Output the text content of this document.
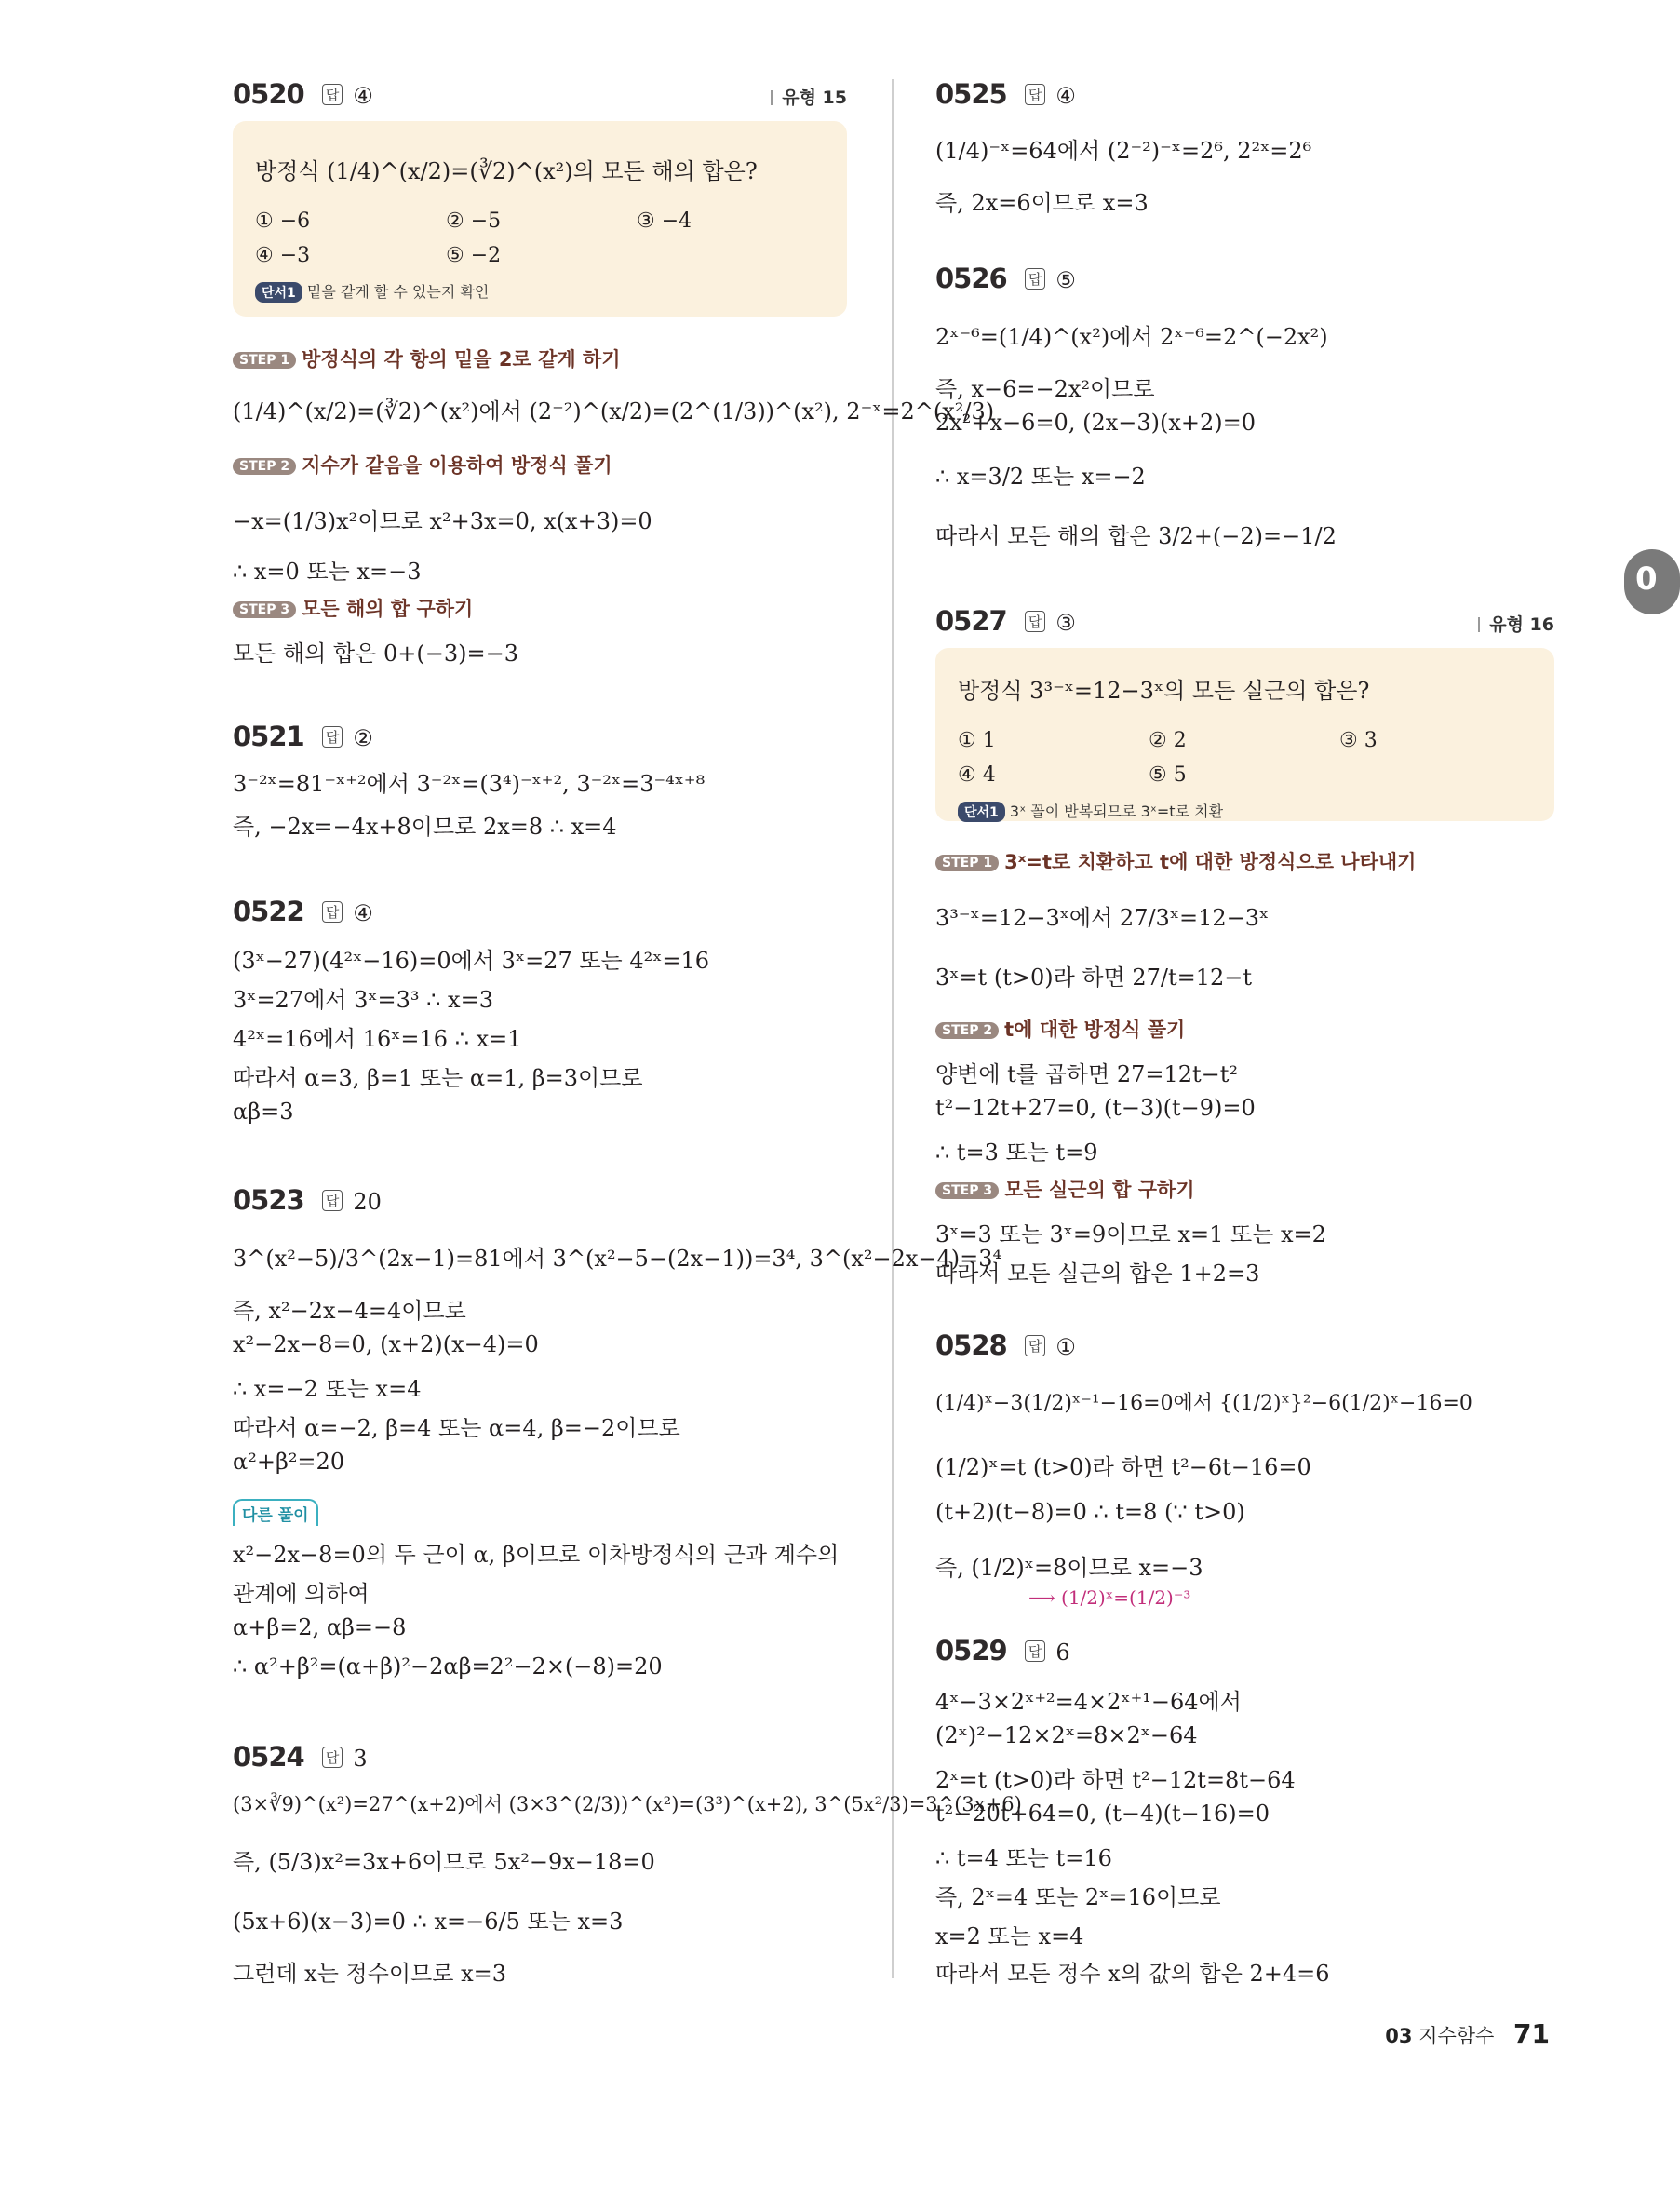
0520 답 ④	유형 15
방정식 (1/4)^(x/2)=(∛2)^(x²)의 모든 해의 합은?
① −6	② −5	③ −4
④ −3	⑤ −2
단서1 밑을 같게 할 수 있는지 확인
STEP 1 방정식의 각 항의 밑을 2로 같게 하기
(1/4)^(x/2)=(∛2)^(x²)에서 (2⁻²)^(x/2)=(2^(1/3))^(x²), 2⁻ˣ=2^(x²/3)
STEP 2 지수가 같음을 이용하여 방정식 풀기
−x=(1/3)x²이므로 x²+3x=0, x(x+3)=0
∴ x=0 또는 x=−3
STEP 3 모든 해의 합 구하기
모든 해의 합은 0+(−3)=−3
0521 답 ②
3⁻²ˣ=81⁻ˣ⁺²에서 3⁻²ˣ=(3⁴)⁻ˣ⁺², 3⁻²ˣ=3⁻⁴ˣ⁺⁸
즉, −2x=−4x+8이므로 2x=8 ∴ x=4
0522 답 ④
(3ˣ−27)(4²ˣ−16)=0에서 3ˣ=27 또는 4²ˣ=16
3ˣ=27에서 3ˣ=3³ ∴ x=3
4²ˣ=16에서 16ˣ=16 ∴ x=1
따라서 α=3, β=1 또는 α=1, β=3이므로
αβ=3
0523 답 20
3^(x²−5)/3^(2x−1)=81에서 3^(x²−5−(2x−1))=3⁴, 3^(x²−2x−4)=3⁴
즉, x²−2x−4=4이므로
x²−2x−8=0, (x+2)(x−4)=0
∴ x=−2 또는 x=4
따라서 α=−2, β=4 또는 α=4, β=−2이므로
α²+β²=20
다른 풀이
x²−2x−8=0의 두 근이 α, β이므로 이차방정식의 근과 계수의
관계에 의하여
α+β=2, αβ=−8
∴ α²+β²=(α+β)²−2αβ=2²−2×(−8)=20
0524 답 3
(3×∛9)^(x²)=27^(x+2)에서 (3×3^(2/3))^(x²)=(3³)^(x+2), 3^(5x²/3)=3^(3x+6)
즉, (5/3)x²=3x+6이므로 5x²−9x−18=0
(5x+6)(x−3)=0 ∴ x=−6/5 또는 x=3
그런데 x는 정수이므로 x=3
0525 답 ④
(1/4)⁻ˣ=64에서 (2⁻²)⁻ˣ=2⁶, 2²ˣ=2⁶
즉, 2x=6이므로 x=3
0526 답 ⑤
2ˣ⁻⁶=(1/4)^(x²)에서 2ˣ⁻⁶=2^(−2x²)
즉, x−6=−2x²이므로
2x²+x−6=0, (2x−3)(x+2)=0
∴ x=3/2 또는 x=−2
따라서 모든 해의 합은 3/2+(−2)=−1/2
0527 답 ③	유형 16
방정식 3³⁻ˣ=12−3ˣ의 모든 실근의 합은?
① 1	② 2	③ 3
④ 4	⑤ 5
단서1 3ˣ 꼴이 반복되므로 3ˣ=t로 치환
STEP 1 3ˣ=t로 치환하고 t에 대한 방정식으로 나타내기
3³⁻ˣ=12−3ˣ에서 27/3ˣ=12−3ˣ
3ˣ=t (t>0)라 하면 27/t=12−t
STEP 2 t에 대한 방정식 풀기
양변에 t를 곱하면 27=12t−t²
t²−12t+27=0, (t−3)(t−9)=0
∴ t=3 또는 t=9
STEP 3 모든 실근의 합 구하기
3ˣ=3 또는 3ˣ=9이므로 x=1 또는 x=2
따라서 모든 실근의 합은 1+2=3
0528 답 ①
(1/4)ˣ−3(1/2)ˣ⁻¹−16=0에서 {(1/2)ˣ}²−6(1/2)ˣ−16=0
(1/2)ˣ=t (t>0)라 하면 t²−6t−16=0
(t+2)(t−8)=0 ∴ t=8 (∵ t>0)
즉, (1/2)ˣ=8이므로 x=−3
⟶ (1/2)ˣ=(1/2)⁻³
0529 답 6
4ˣ−3×2ˣ⁺²=4×2ˣ⁺¹−64에서
(2ˣ)²−12×2ˣ=8×2ˣ−64
2ˣ=t (t>0)라 하면 t²−12t=8t−64
t²−20t+64=0, (t−4)(t−16)=0
∴ t=4 또는 t=16
즉, 2ˣ=4 또는 2ˣ=16이므로
x=2 또는 x=4
따라서 모든 정수 x의 값의 합은 2+4=6
0
03 지수함수 71
